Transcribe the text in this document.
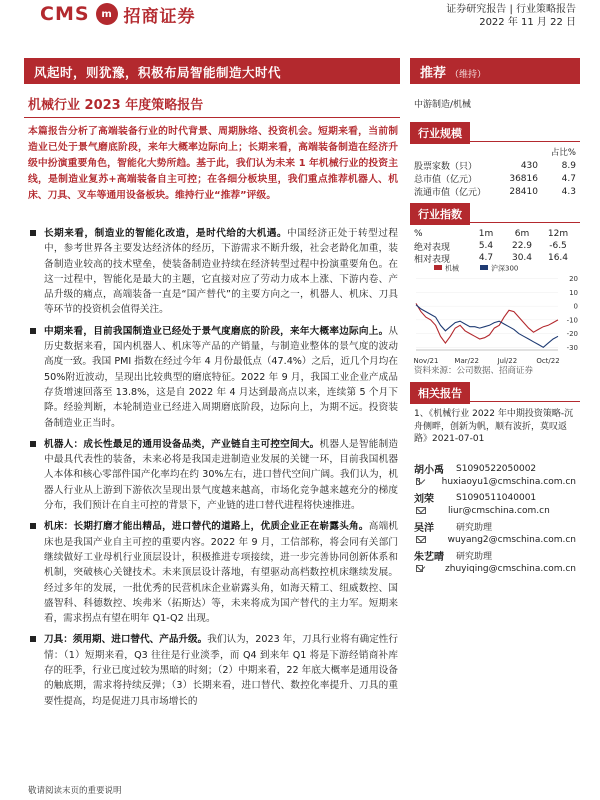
CMS	m 招商证券	证券研究报告 | 行业策略报告
2022 年 11 月 22 日
风起时，则犹豫，积极布局智能制造大时代	推荐 （维持）
机械行业 2023 年度策略报告	中游制造/机械
本篇报告分析了高端装备行业的时代背景、周期脉络、投资机会。短期来看，当前制造业已处于景气磨底阶段，来年大概率边际向上；长期来看，高端装备制造在经济升级中扮演重要角色，智能化大势所趋。基于此，我们认为未来 1 年机械行业的投资主线，是制造业复苏+高端装备自主可控；在各细分板块里，我们重点推荐机器人、机床、刀具、叉车等通用设备板块。维持行业“推荐”评级。
长期来看，制造业的智能化改造，是时代给的大机遇。中国经济正处于转型过程中，参考世界各主要发达经济体的经历，下游需求不断升级，社会老龄化加重，装备制造业较高的技术壁垒，使装备制造业持续在经济转型过程中扮演重要角色。在这一过程中，智能化是最大的主题，它直接对应了劳动力成本上涨、下游内卷、产品升级的痛点，高端装备一直是“国产替代”的主要方向之一，机器人、机床、刀具等环节的投资机会值得关注。
中期来看，目前我国制造业已经处于景气度磨底的阶段，来年大概率边际向上。从历史数据来看，国内机器人、机床等产品的产销量，与制造业整体的景气度的波动高度一致。我国 PMI 指数在经过今年 4 月份最低点（47.4%）之后，近几个月均在 50%附近波动，呈现出比较典型的磨底特征。2022 年 9 月，我国工业企业产成品存货增速回落至 13.8%，这是自 2022 年 4 月达到最高点以来，连续第 5 个月下降。经验判断，本轮制造业已经进入周期磨底阶段，边际向上，为期不远。投资装备制造业正当时。
机器人：成长性最足的通用设备品类，产业链自主可控空间大。机器人是智能制造中最具代表性的装备，未来必将是我国走进制造业发展的关键一环，目前我国机器人本体和核心零部件国产化率均在约 30%左右，进口替代空间广阔。我们认为，机器人行业从上游到下游依次呈现出景气度越来越高，市场化竞争越来越充分的梯度分布，我们预计在自主可控的背景下，产业链的进口替代进程将快速推进。
机床：长期打磨才能出精品，进口替代的道路上，优质企业正在崭露头角。高端机床也是我国产业自主可控的重要内容。2022 年 9 月，工信部称，将会同有关部门继续做好工业母机行业顶层设计，积极推进专项接续，进一步完善协同创新体系和机制，突破核心关键技术。未来顶层设计落地，有望驱动高档数控机床继续发展。经过多年的发展，一批优秀的民营机床企业崭露头角，如海天精工、纽威数控、国盛智科、科德数控、埃弗米（拓斯达）等，未来将成为国产替代的主力军。短期来看，需求拐点有望在明年 Q1-Q2 出现。
刀具：须用期、进口替代、产品升级。我们认为，2023 年，刀具行业将有确定性行情：（1）短期来看，Q3 往往是行业淡季，而 Q4 到来年 Q1 将是下游经销商补库存的旺季，行业已度过较为黑暗的时刻；（2）中期来看，22 年底大概率是通用设备的触底期，需求将持续反弹；（3）长期来看，进口替代、数控化率提升、刀具的重要性提高，均是促进刀具市场增长的
行业规模
占比%
股票家数（只）	430	8.9
总市值（亿元）	36816	4.7
流通市值（亿元）	28410	4.3
行业指数
%	1m	6m	12m
绝对表现	5.4	22.9	-6.5
相对表现	4.7	30.4	16.4
机械	沪深300
20
10
0
-10
-20
-30
Nov/21 Mar/22	Jul/22	Oct/22
资料来源：公司数据、招商证券
相关报告
1、《机械行业 2022 年中期投资策略-沉舟侧畔，创新为帆，顺有波折，莫叹返路》2021-07-01
胡小禹	S1090522050002
huxiaoyu1@cmschina.com.cn
刘荣	S1090511040001
liur@cmschina.com.cn
吴洋	研究助理
wuyang2@cmschina.com.cn
朱艺晴	研究助理
zhuyiqing@cmschina.com.cn
敬请阅读末页的重要说明
